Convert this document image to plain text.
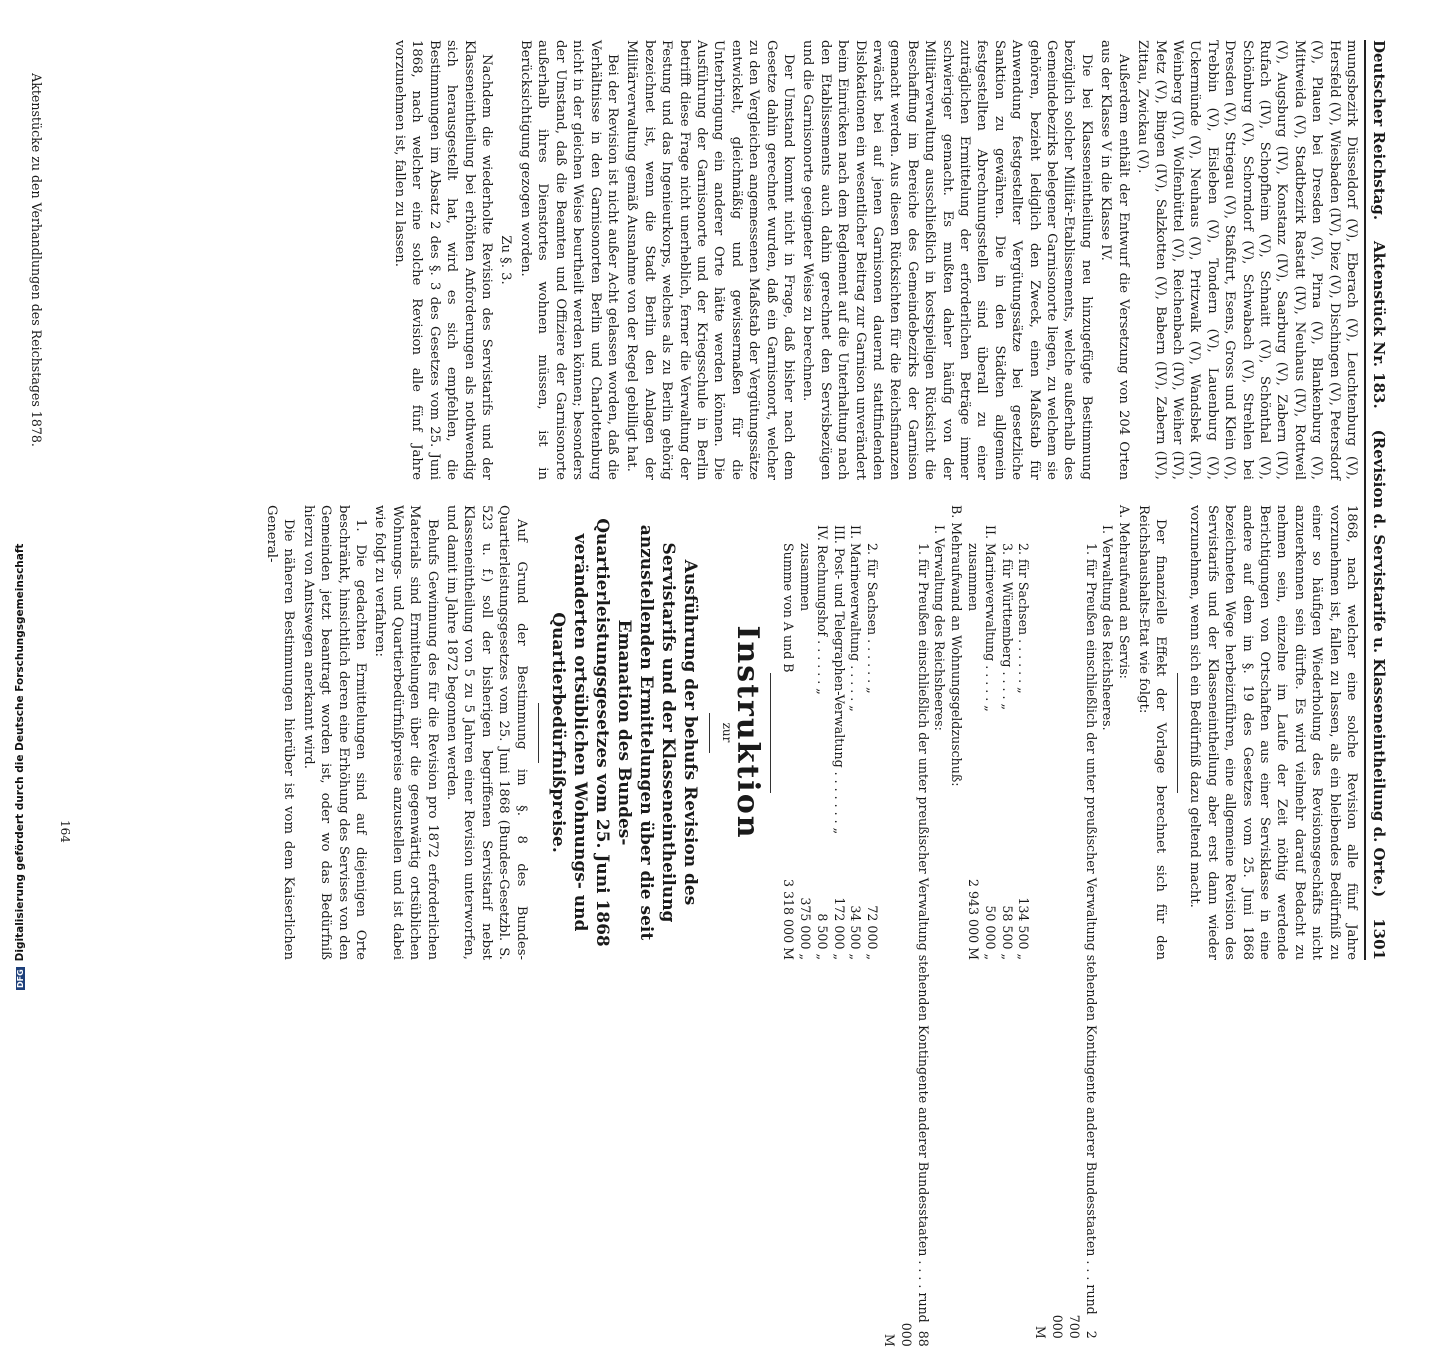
Deutscher Reichstag.
Aktenstück Nr. 183.
(Revision d. Servistarife u. Klasseneintheilung d. Orte.)
1301

mungsbezirk Düsseldorf (V), Eberach (V), Leuchtenburg (V), Hersfeld (V), Wiesbaden (IV), Diez (V), Dischingen (V), Petersdorf (V), Plauen bei Dresden (V), Pirna (V), Blankenburg (V), Mittweida (V), Stadtbezirk Rastatt (IV), Neuhaus (IV), Rottweil (V), Augsburg (IV), Konstanz (IV), Saarburg (V), Zabern (IV), Rufach (IV), Schopfheim (V), Schnaitt (V), Schönthal (V), Schönburg (V), Schorndorf (V), Schwabach (V), Strehlen bei Dresden (V), Striegau (V), Staßfurt, Esens, Gross und Klein (V), Trebbin (V), Eisleben (V), Tondern (V), Lauenburg (V), Uckermünde (V), Neuhaus (V), Pritzwalk (V), Wandsbek (IV), Weinberg (IV), Wolfenbüttel (V), Reichenbach (IV), Weiher (IV), Metz (V), Bingen (IV), Salzkotten (V), Babern (IV), Zabern (IV), Zittau, Zwickau (V).

Außerdem enthält der Entwurf die Versetzung von 204 Orten aus der Klasse V in die Klasse IV.

Die bei Klasseneintheilung neu hinzugefügte Bestimmung bezüglich solcher Militär-Etablissements, welche außerhalb des Gemeindebezirks belegener Garnisonorte liegen, zu welchem sie gehören, bezieht lediglich den Zweck, einen Maßstab für Anwendung festgestellter Vergütungssätze bei gesetzliche Sanktion zu gewähren. Die in den Städten allgemein festgestellten Abrechnungsstellen sind überall zu einer zuträglichen Ermittelung der erforderlichen Beträge immer schwieriger gemacht. Es mußten daher häufig von der Militärverwaltung ausschließlich in kostspieligen Rücksicht die Beschaffung im Bereiche des Gemeindebezirks der Garnison gemacht werden. Aus diesen Rücksichten für die Reichsfinanzen erwächst bei auf jenen Garnisonen dauernd stattfindenden Dislokationen ein wesentlicher Beitrag zur Garnison unverändert beim Einrücken nach dem Reglement auf die Unterhaltung nach den Etablissements auch dahin gerechnet den Servisbezügen und die Garnisonorte geeigneter Weise zu berechnen.

Der Umstand kommt nicht in Frage, daß bisher nach dem Gesetze dahin gerechnet wurden, daß ein Garnisonort, welcher zu den Vergleichen angemessenen Maßstab der Vergütungssätze entwickelt, gleichmäßig und gewissermaßen für die Unterbringung ein anderer Orte hätte werden können. Die Ausführung der Garnisonorte und der Kriegsschule in Berlin betrifft diese Frage nicht unerheblich, ferner die Verwaltung der Festung und das Ingenieurkorps, welches als zu Berlin gehörig bezeichnet ist, wenn die Stadt Berlin den Anlagen der Militärverwaltung gemäß Ausnahme von der Regel gebilligt hat.

Bei der Revision ist nicht außer Acht gelassen worden, daß die Verhältnisse in den Garnisonorten Berlin und Charlottenburg nicht in der gleichen Weise beurtheilt werden können; besonders der Umstand, daß die Beamten und Offiziere der Garnisonorte außerhalb ihres Dienstortes wohnen müssen, ist in Berücksichtigung gezogen worden.

Zu §. 3.

Nachdem die wiederholte Revision des Servistarifs und der Klasseneintheilung bei erhöhten Anforderungen als nothwendig sich herausgestellt hat, wird es sich empfehlen, die Bestimmungen im Absatz 2 des §. 3 des Gesetzes vom 25. Juni 1868, nach welcher eine solche Revision alle fünf Jahre vorzunehmen ist, fallen zu lassen.

Aktenstücke zu den Verhandlungen des Reichstages 1878.

1868, nach welcher eine solche Revision alle fünf Jahre vorzunehmen ist, fallen zu lassen, als ein bleibendes Bedürfniß zu einer so häufigen Wiederholung des Revisionsgeschäfts nicht anzuerkennen sein dürfte. Es wird vielmehr darauf Bedacht zu nehmen sein, einzelne im Laufe der Zeit nöthig werdende Berichtigungen von Ortschaften aus einer Servisklasse in eine andere auf dem im §. 19 des Gesetzes vom 25. Juni 1868 bezeichneten Wege herbeizuführen, eine allgemeine Revision des Servistarifs und der Klasseneintheilung aber erst dann wieder vorzunehmen, wenn sich ein Bedürfniß dazu geltend macht.

Der finanzielle Effekt der Vorlage berechnet sich für den Reichshaushalts-Etat wie folgt:

A. Mehraufwand an Servis:
I. Verwaltung des Reichsheeres.
1. für Preußen einschließlich der unter preußischer Verwaltung stehenden Kontingente anderer Bundesstaaten . . . rund
2 700 000 M
2. für Sachsen . . . . . . „
134 500 „
3. für Württemberg . . . . „
58 500 „
II. Marineverwaltung . . . . . „
50 000 „
zusammen
2 943 000 M
B. Mehraufwand an Wohnungsgeldzuschuß:
I. Verwaltung des Reichsheeres:
1. für Preußen einschließlich der unter preußischer Verwaltung stehenden Kontingente anderer Bundesstaaten . . . . rund
88 000 M
2. für Sachsen . . . . . . „
72 000 „
II. Marineverwaltung . . . . . „
34 500 „
III. Post- und Telegraphen-Verwaltung . . . . . . . „
172 000 „
IV. Rechnungshof . . . . . . „
8 500 „
zusammen
375 000 „
Summe von A und B
3 318 000 M
Instruktion
zur
Ausführung der behufs Revision des Servistarifs und der Klasseneintheilung anzustellenden Ermittelungen über die seit Emanation des Bundes-Quartierleistungsgesetzes vom 25. Juni 1868 veränderten ortsüblichen Wohnungs- und Quartierbedürfnißpreise.

Auf Grund der Bestimmung im §. 8 des Bundes-Quartierleistungsgesetzes vom 25. Juni 1868 (Bundes-Gesetzbl. S. 523 u. f.) soll der bisherigen begriffenen Servistarif nebst Klasseneintheilung von 5 zu 5 Jahren einer Revision unterworfen, und damit im Jahre 1872 begonnen werden.

Behufs Gewinnung des für die Revision pro 1872 erforderlichen Materials sind Ermittelungen über die gegenwärtig ortsüblichen Wohnungs- und Quartierbedürfnißpreise anzustellen und ist dabei wie folgt zu verfahren:

1. Die gedachten Ermittelungen sind auf diejenigen Orte beschränkt, hinsichtlich deren eine Erhöhung des Servises von den Gemeinden jetzt beantragt worden ist, oder wo das Bedürfniß hierzu von Amtswegen anerkannt wird.

Die näheren Bestimmungen hierüber ist vom dem Kaiserlichen General-

164
DFGDigitalisierung gefördert durch die Deutsche Forschungsgemeinschaft
